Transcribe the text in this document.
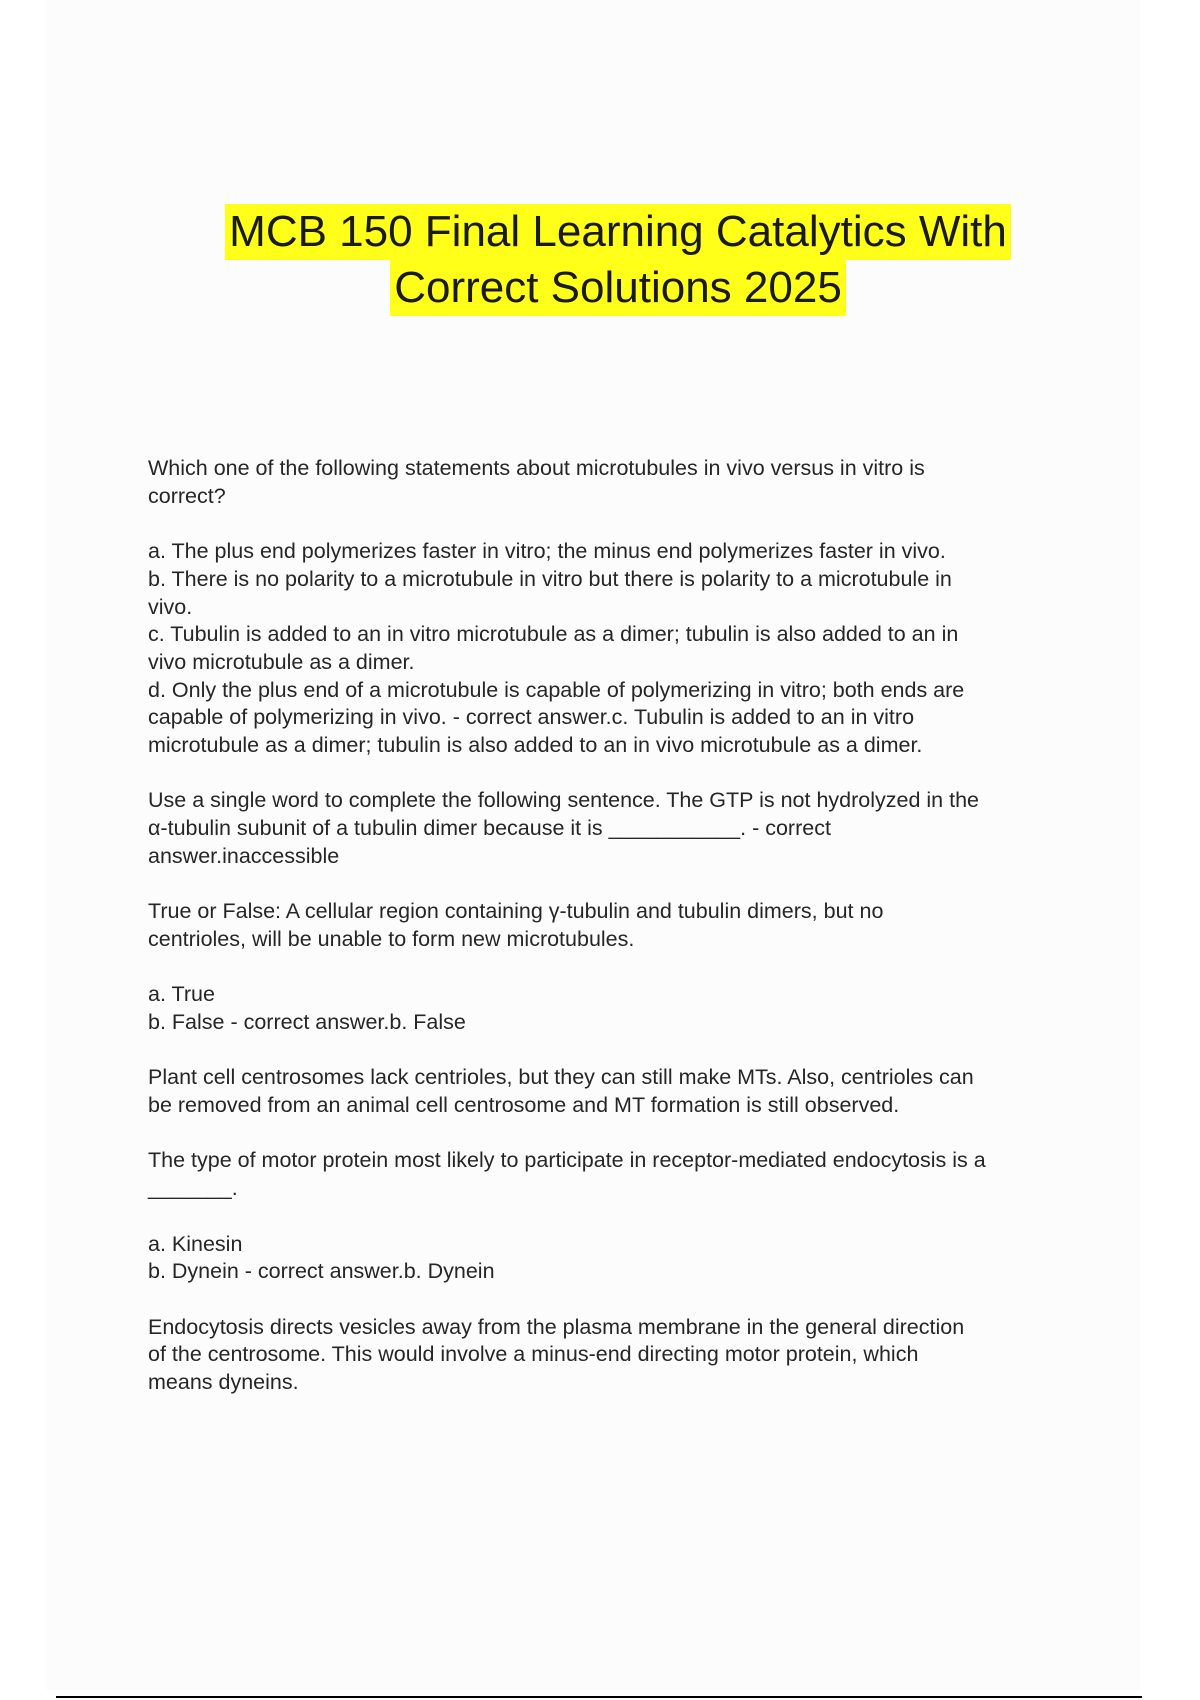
MCB 150 Final Learning Catalytics With
Correct Solutions 2025
Which one of the following statements about microtubules in vivo versus in vitro is
correct?
a. The plus end polymerizes faster in vitro; the minus end polymerizes faster in vivo.
b. There is no polarity to a microtubule in vitro but there is polarity to a microtubule in
vivo.
c. Tubulin is added to an in vitro microtubule as a dimer; tubulin is also added to an in
vivo microtubule as a dimer.
d. Only the plus end of a microtubule is capable of polymerizing in vitro; both ends are
capable of polymerizing in vivo. - correct answer.c. Tubulin is added to an in vitro
microtubule as a dimer; tubulin is also added to an in vivo microtubule as a dimer.
Use a single word to complete the following sentence. The GTP is not hydrolyzed in the
α-tubulin subunit of a tubulin dimer because it is ___________. - correct
answer.inaccessible
True or False: A cellular region containing γ-tubulin and tubulin dimers, but no
centrioles, will be unable to form new microtubules.
a. True
b. False - correct answer.b. False
Plant cell centrosomes lack centrioles, but they can still make MTs. Also, centrioles can
be removed from an animal cell centrosome and MT formation is still observed.
The type of motor protein most likely to participate in receptor-mediated endocytosis is a
_______.
a. Kinesin
b. Dynein - correct answer.b. Dynein
Endocytosis directs vesicles away from the plasma membrane in the general direction
of the centrosome. This would involve a minus-end directing motor protein, which
means dyneins.
